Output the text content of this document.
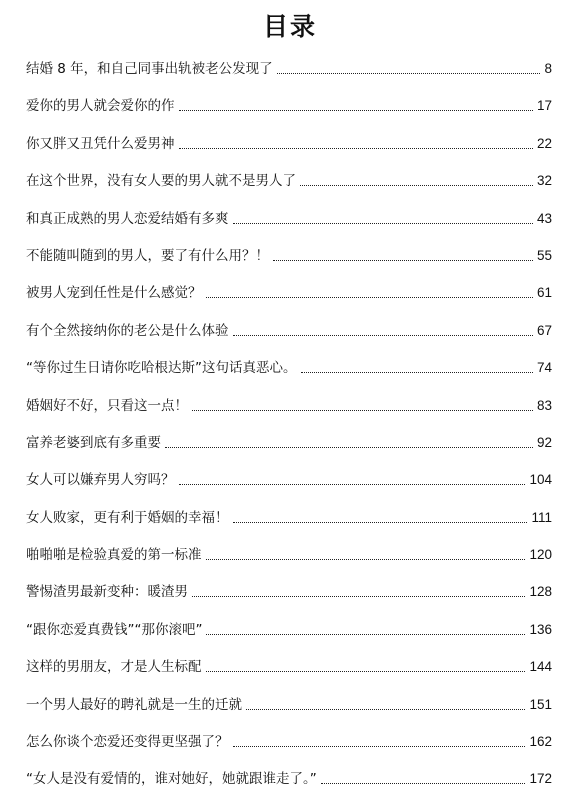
目录
结婚 8 年，和自己同事出轨被老公发现了	8
爱你的男人就会爱你的作	17
你又胖又丑凭什么爱男神	22
在这个世界，没有女人要的男人就不是男人了	32
和真正成熟的男人恋爱结婚有多爽	43
不能随叫随到的男人，要了有什么用？！	55
被男人宠到任性是什么感觉？	61
有个全然接纳你的老公是什么体验	67
“等你过生日请你吃哈根达斯”这句话真恶心。	74
婚姻好不好，只看这一点！	83
富养老婆到底有多重要	92
女人可以嫌弃男人穷吗？	104
女人败家，更有利于婚姻的幸福！	111
啪啪啪是检验真爱的第一标准	120
警惕渣男最新变种：暖渣男	128
“跟你恋爱真费钱”“那你滚吧”	136
这样的男朋友，才是人生标配	144
一个男人最好的聘礼就是一生的迁就	151
怎么你谈个恋爱还变得更坚强了？	162
“女人是没有爱情的，谁对她好，她就跟谁走了。”	172
